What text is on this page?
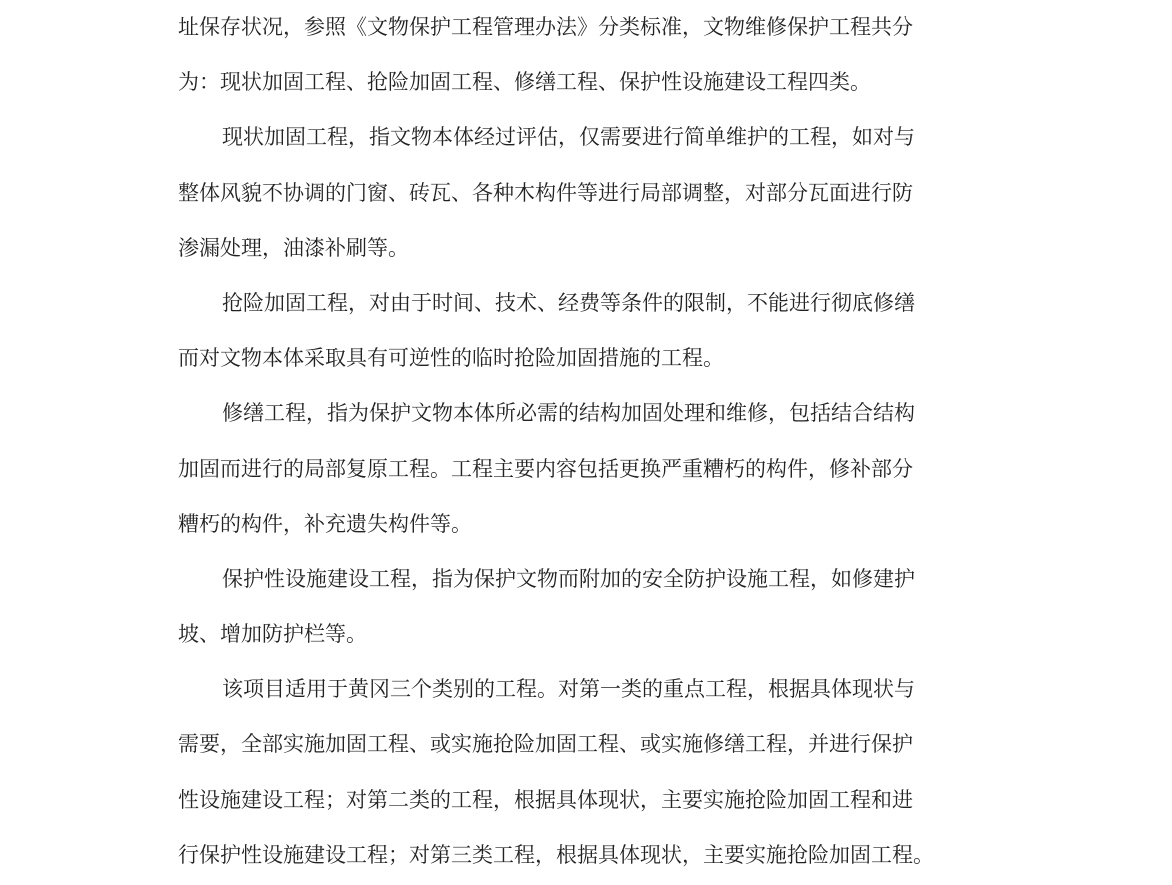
址保存状况，参照《文物保护工程管理办法》分类标准，文物维修保护工程共分
为：现状加固工程、抢险加固工程、修缮工程、保护性设施建设工程四类。
现状加固工程，指文物本体经过评估，仅需要进行简单维护的工程，如对与
整体风貌不协调的门窗、砖瓦、各种木构件等进行局部调整，对部分瓦面进行防
渗漏处理，油漆补刷等。
抢险加固工程，对由于时间、技术、经费等条件的限制，不能进行彻底修缮
而对文物本体采取具有可逆性的临时抢险加固措施的工程。
修缮工程，指为保护文物本体所必需的结构加固处理和维修，包括结合结构
加固而进行的局部复原工程。工程主要内容包括更换严重糟朽的构件，修补部分
糟朽的构件，补充遗失构件等。
保护性设施建设工程，指为保护文物而附加的安全防护设施工程，如修建护
坡、增加防护栏等。
该项目适用于黄冈三个类别的工程。对第一类的重点工程，根据具体现状与
需要，全部实施加固工程、或实施抢险加固工程、或实施修缮工程，并进行保护
性设施建设工程；对第二类的工程，根据具体现状，主要实施抢险加固工程和进
行保护性设施建设工程；对第三类工程，根据具体现状，主要实施抢险加固工程。
